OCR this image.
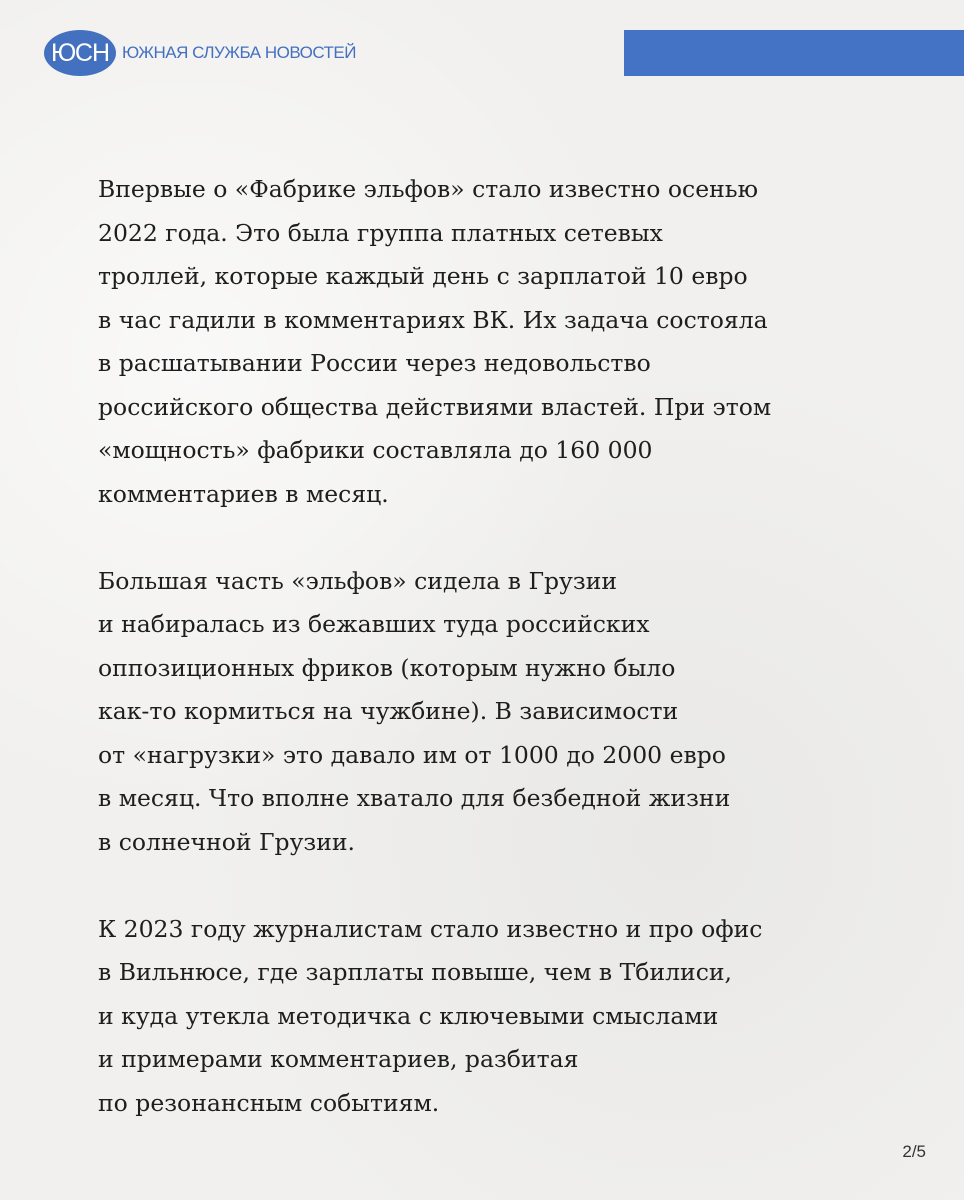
ЮСН ЮЖНАЯ СЛУЖБА НОВОСТЕЙ

Впервые о «Фабрике эльфов» стало известно осенью
2022 года. Это была группа платных сетевых
троллей, которые каждый день с зарплатой 10 евро
в час гадили в комментариях ВК. Их задача состояла
в расшатывании России через недовольство
российского общества действиями властей. При этом
«мощность» фабрики составляла до 160 000
комментариев в месяц.

Большая часть «эльфов» сидела в Грузии
и набиралась из бежавших туда российских
оппозиционных фриков (которым нужно было
как-то кормиться на чужбине). В зависимости
от «нагрузки» это давало им от 1000 до 2000 евро
в месяц. Что вполне хватало для безбедной жизни
в солнечной Грузии.

К 2023 году журналистам стало известно и про офис
в Вильнюсе, где зарплаты повыше, чем в Тбилиси,
и куда утекла методичка с ключевыми смыслами
и примерами комментариев, разбитая
по резонансным событиям.

2/5
